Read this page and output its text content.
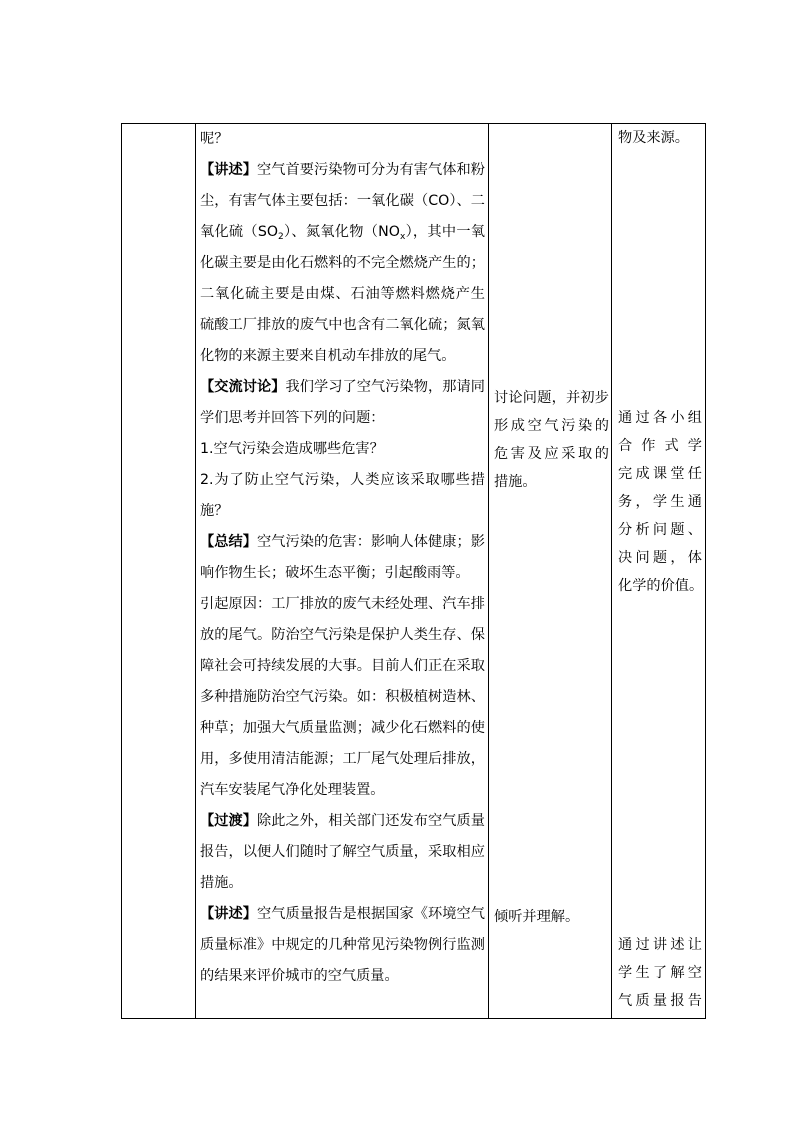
呢？
【讲述】空气首要污染物可分为有害气体和粉
尘，有害气体主要包括：一氧化碳（CO）、二
氧化硫$(SO_2)$、氮氧化物$(NO_x)$，其中一氧
化碳主要是由化石燃料的不完全燃烧产生的；
二氧化硫主要是由煤、石油等燃料燃烧产生
硫酸工厂排放的废气中也含有二氧化硫；氮氧
化物的来源主要来自机动车排放的尾气。
【交流讨论】我们学习了空气污染物，那请同
学们思考并回答下列的问题：
1.空气污染会造成哪些危害？
2.为了防止空气污染，人类应该采取哪些措
施？
【总结】空气污染的危害：影响人体健康；影
响作物生长；破坏生态平衡；引起酸雨等。
引起原因：工厂排放的废气未经处理、汽车排
放的尾气。防治空气污染是保护人类生存、保
障社会可持续发展的大事。目前人们正在采取
多种措施防治空气污染。如：积极植树造林、
种草；加强大气质量监测；减少化石燃料的使
用，多使用清洁能源；工厂尾气处理后排放，
汽车安装尾气净化处理装置。
【过渡】除此之外，相关部门还发布空气质量
报告，以便人们随时了解空气质量，采取相应
措施。
【讲述】空气质量报告是根据国家《环境空气
质量标准》中规定的几种常见污染物例行监测
的结果来评价城市的空气质量。
讨论问题，并初步
形成空气污染的
危害及应采取的
措施。
倾听并理解。
物及来源。
通过各小组
合作式学
完成课堂任
务，学生通
分析问题、
决问题，体
化学的价值。
通过讲述让
学生了解空
气质量报告
